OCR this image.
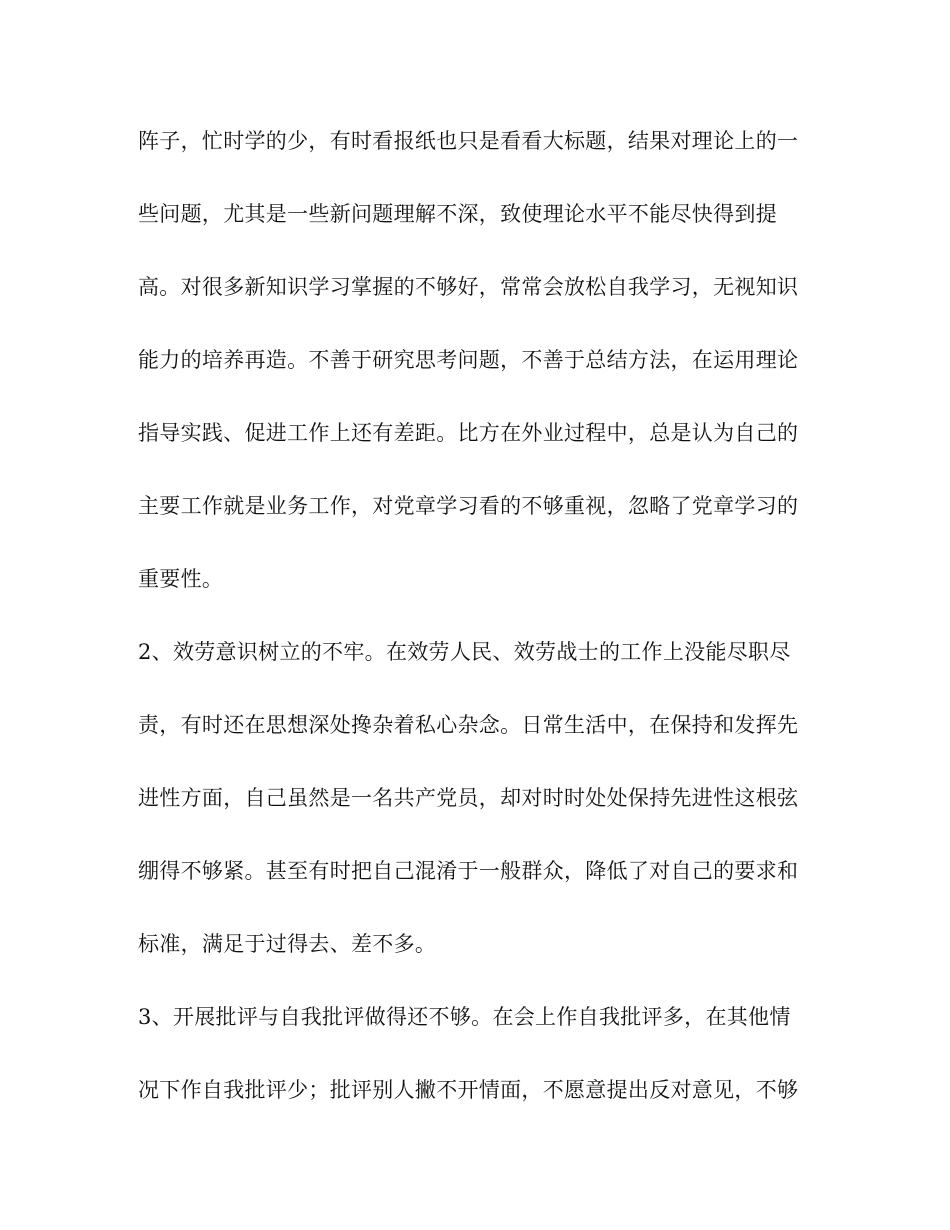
阵子，忙时学的少，有时看报纸也只是看看大标题，结果对理论上的一
些问题，尤其是一些新问题理解不深，致使理论水平不能尽快得到提
高。对很多新知识学习掌握的不够好，常常会放松自我学习，无视知识
能力的培养再造。不善于研究思考问题，不善于总结方法，在运用理论
指导实践、促进工作上还有差距。比方在外业过程中，总是认为自己的
主要工作就是业务工作，对党章学习看的不够重视，忽略了党章学习的
重要性。
2、效劳意识树立的不牢。在效劳人民、效劳战士的工作上没能尽职尽
责，有时还在思想深处搀杂着私心杂念。日常生活中，在保持和发挥先
进性方面，自己虽然是一名共产党员，却对时时处处保持先进性这根弦
绷得不够紧。甚至有时把自己混淆于一般群众，降低了对自己的要求和
标准，满足于过得去、差不多。
3、开展批评与自我批评做得还不够。在会上作自我批评多，在其他情
况下作自我批评少；批评别人撇不开情面，不愿意提出反对意见，不够
